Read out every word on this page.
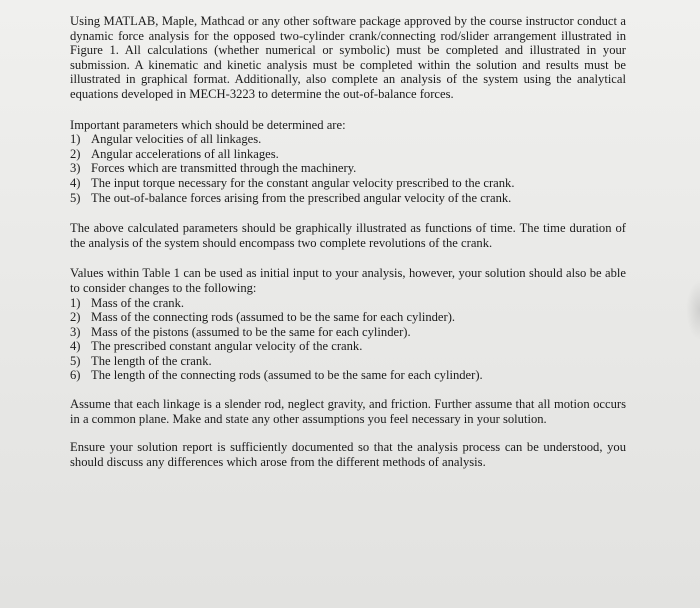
Using MATLAB, Maple, Mathcad or any other software package approved by the course instructor conduct a dynamic force analysis for the opposed two-cylinder crank/connecting rod/slider arrangement illustrated in Figure 1. All calculations (whether numerical or symbolic) must be completed and illustrated in your submission. A kinematic and kinetic analysis must be completed within the solution and results must be illustrated in graphical format. Additionally, also complete an analysis of the system using the analytical equations developed in MECH-3223 to determine the out-of-balance forces.

Important parameters which should be determined are:

1) Angular velocities of all linkages.
2) Angular accelerations of all linkages.
3) Forces which are transmitted through the machinery.
4) The input torque necessary for the constant angular velocity prescribed to the crank.
5) The out-of-balance forces arising from the prescribed angular velocity of the crank.

The above calculated parameters should be graphically illustrated as functions of time. The time duration of the analysis of the system should encompass two complete revolutions of the crank.

Values within Table 1 can be used as initial input to your analysis, however, your solution should also be able to consider changes to the following:

1) Mass of the crank.
2) Mass of the connecting rods (assumed to be the same for each cylinder).
3) Mass of the pistons (assumed to be the same for each cylinder).
4) The prescribed constant angular velocity of the crank.
5) The length of the crank.
6) The length of the connecting rods (assumed to be the same for each cylinder).

Assume that each linkage is a slender rod, neglect gravity, and friction. Further assume that all motion occurs in a common plane. Make and state any other assumptions you feel necessary in your solution.

Ensure your solution report is sufficiently documented so that the analysis process can be understood, you should discuss any differences which arose from the different methods of analysis.
